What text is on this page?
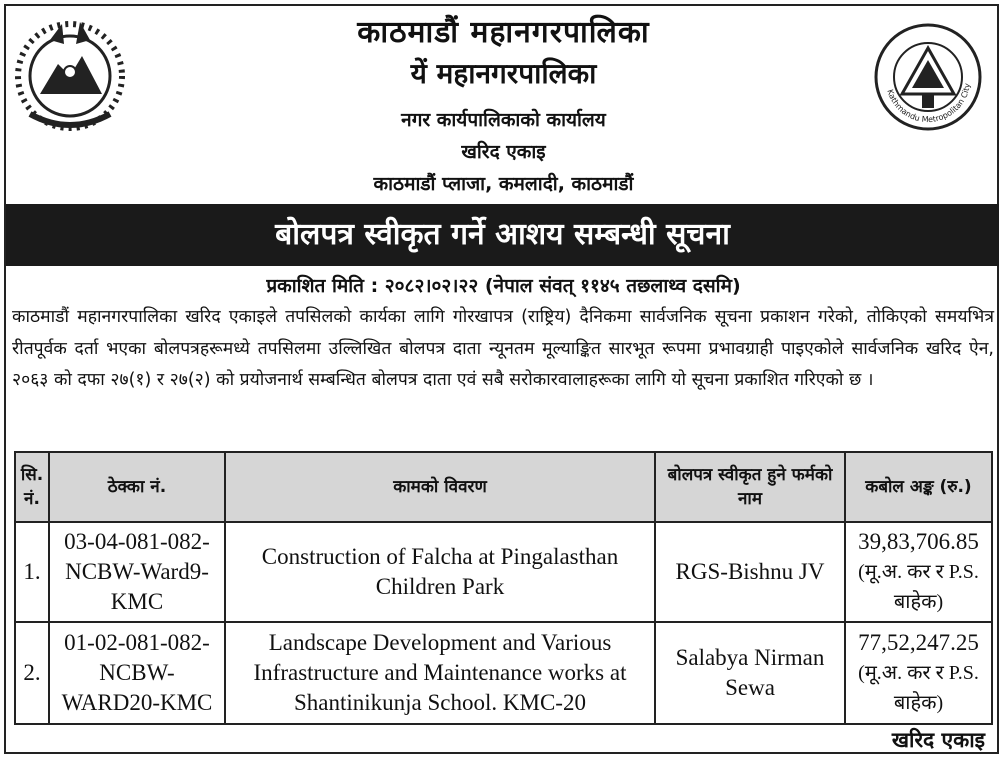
Kathmandu Metropolitan City
काठमाडौं महानगरपालिका
यें महानगरपालिका
नगर कार्यपालिकाको कार्यालय
खरिद एकाइ
काठमाडौं प्लाजा, कमलादी, काठमाडौं
बोलपत्र स्वीकृत गर्ने आशय सम्बन्धी सूचना
प्रकाशित मिति : २०८२।०२।२२ (नेपाल संवत् ११४५ तछलाथ्व दसमि)
काठमाडौं महानगरपालिका खरिद एकाइले तपसिलको कार्यका लागि गोरखापत्र (राष्ट्रिय) दैनिकमा सार्वजनिक सूचना प्रकाशन गरेको, तोकिएको समयभित्र रीतपूर्वक दर्ता भएका बोलपत्रहरूमध्ये तपसिलमा उल्लिखित बोलपत्र दाता न्यूनतम मूल्याङ्कित सारभूत रूपमा प्रभावग्राही पाइएकोले सार्वजनिक खरिद ऐन, २०६३ को दफा २७(१) र २७(२) को प्रयोजनार्थ सम्बन्धित बोलपत्र दाता एवं सबै सरोकारवालाहरूका लागि यो सूचना प्रकाशित गरिएको छ ।
सि. नं.	ठेक्का नं.	कामको विवरण	बोलपत्र स्वीकृत हुने फर्मको नाम	कबोल अङ्क (रु.)
1.	03-04-081-082-NCBW-Ward9-KMC	Construction of Falcha at Pingalasthan Children Park	RGS-Bishnu JV	39,83,706.85
(मू.अ. कर र P.S. बाहेक)

2.	01-02-081-082-NCBW-WARD20-KMC	Landscape Development and Various Infrastructure and Maintenance works at Shantinikunja School. KMC-20	Salabya Nirman Sewa	77,52,247.25
(मू.अ. कर र P.S. बाहेक)
खरिद एकाइ
